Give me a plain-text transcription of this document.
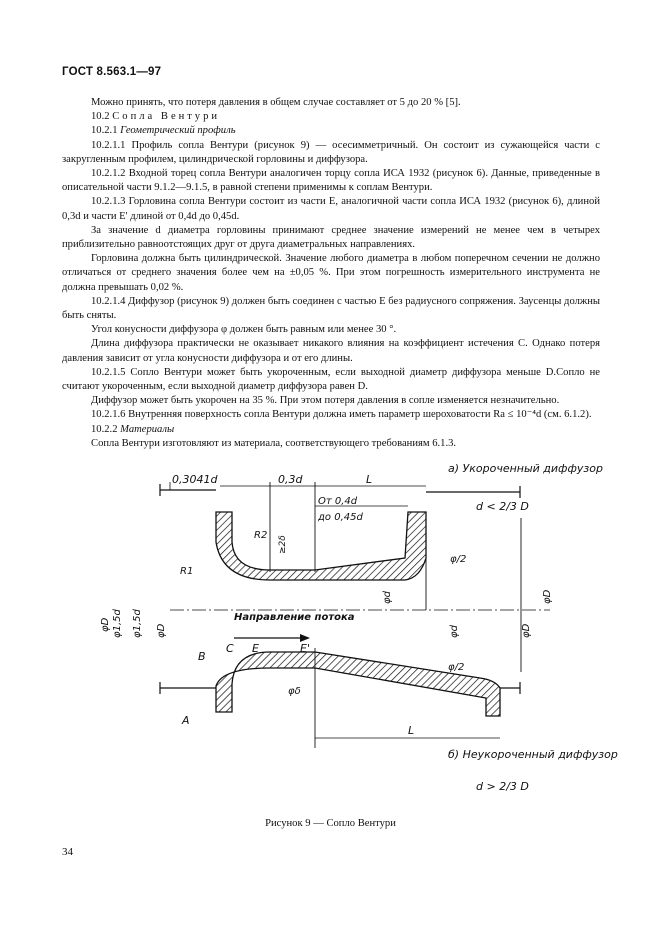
ГОСТ 8.563.1—97

Можно принять, что потеря давления в общем случае составляет от 5 до 20 % [5].

10.2 Сопла Вентури

10.2.1 Геометрический профиль

10.2.1.1 Профиль сопла Вентури (рисунок 9) — осесимметричный. Он состоит из сужающейся части с закругленным профилем, цилиндрической горловины и диффузора.

10.2.1.2 Входной торец сопла Вентури аналогичен торцу сопла ИСА 1932 (рисунок 6). Данные, приведенные в описательной части 9.1.2—9.1.5, в равной степени применимы к соплам Вентури.

10.2.1.3 Горловина сопла Вентури состоит из части E, аналогичной части сопла ИСА 1932 (рисунок 6), длиной 0,3d и части E' длиной от 0,4d до 0,45d.

За значение d диаметра горловины принимают среднее значение измерений не менее чем в четырех приблизительно равноотстоящих друг от друга диаметральных направлениях.

Горловина должна быть цилиндрической. Значение любого диаметра в любом поперечном сечении не должно отличаться от среднего значения более чем на ±0,05 %. При этом погрешность измерительного инструмента не должна превышать 0,02 %.

10.2.1.4 Диффузор (рисунок 9) должен быть соединен с частью E без радиусного сопряжения. Заусенцы должны быть сняты.

Угол конусности диффузора φ должен быть равным или менее 30 °.

Длина диффузора практически не оказывает никакого влияния на коэффициент истечения C. Однако потеря давления зависит от угла конусности диффузора и от его длины.

10.2.1.5 Сопло Вентури может быть укороченным, если выходной диаметр диффузора меньше D.Сопло не считают укороченным, если выходной диаметр диффузора равен D.

Диффузор может быть укорочен на 35 %. При этом потеря давления в сопле изменяется незначительно.

10.2.1.6 Внутренняя поверхность сопла Вентури должна иметь параметр шероховатости Ra ≤ 10⁻⁴d (см. 6.1.2).

10.2.2 Материалы

Сопла Вентури изготовляют из материала, соответствующего требованиям 6.1.3.

0,3041d	0,3d	L
От 0,4d
до 0,45d
R2
R1
≥2δ
φ/2
φ/2
φd	φD
φd	φD
φD φ1,5d φ1,5d φD
Направление потока
B
C E	E'
A
φδ
L
а) Укороченный диффузор
d < 2/3 D
б) Неукороченный диффузор
d > 2/3 D
Рисунок 9 — Сопло Вентури
34
